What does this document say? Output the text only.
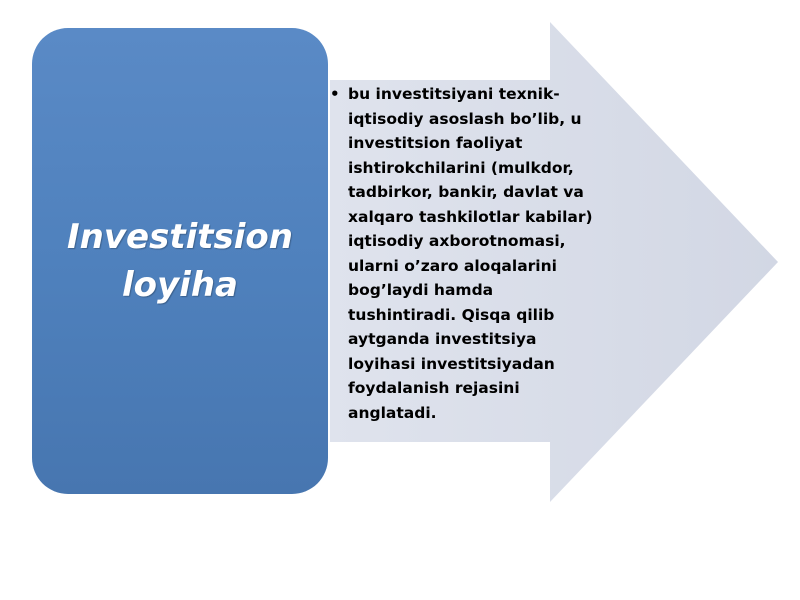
Investitsion
loyiha
• bu investitsiyani texnik-
iqtisodiy asoslash bo’lib, u
investitsion faoliyat
ishtirokchilarini (mulkdor,
tadbirkor, bankir, davlat va
xalqaro tashkilotlar kabilar)
iqtisodiy axborotnomasi,
ularni o’zaro aloqalarini
bog’laydi hamda
tushintiradi. Qisqa qilib
aytganda investitsiya
loyihasi investitsiyadan
foydalanish rejasini
anglatadi.
